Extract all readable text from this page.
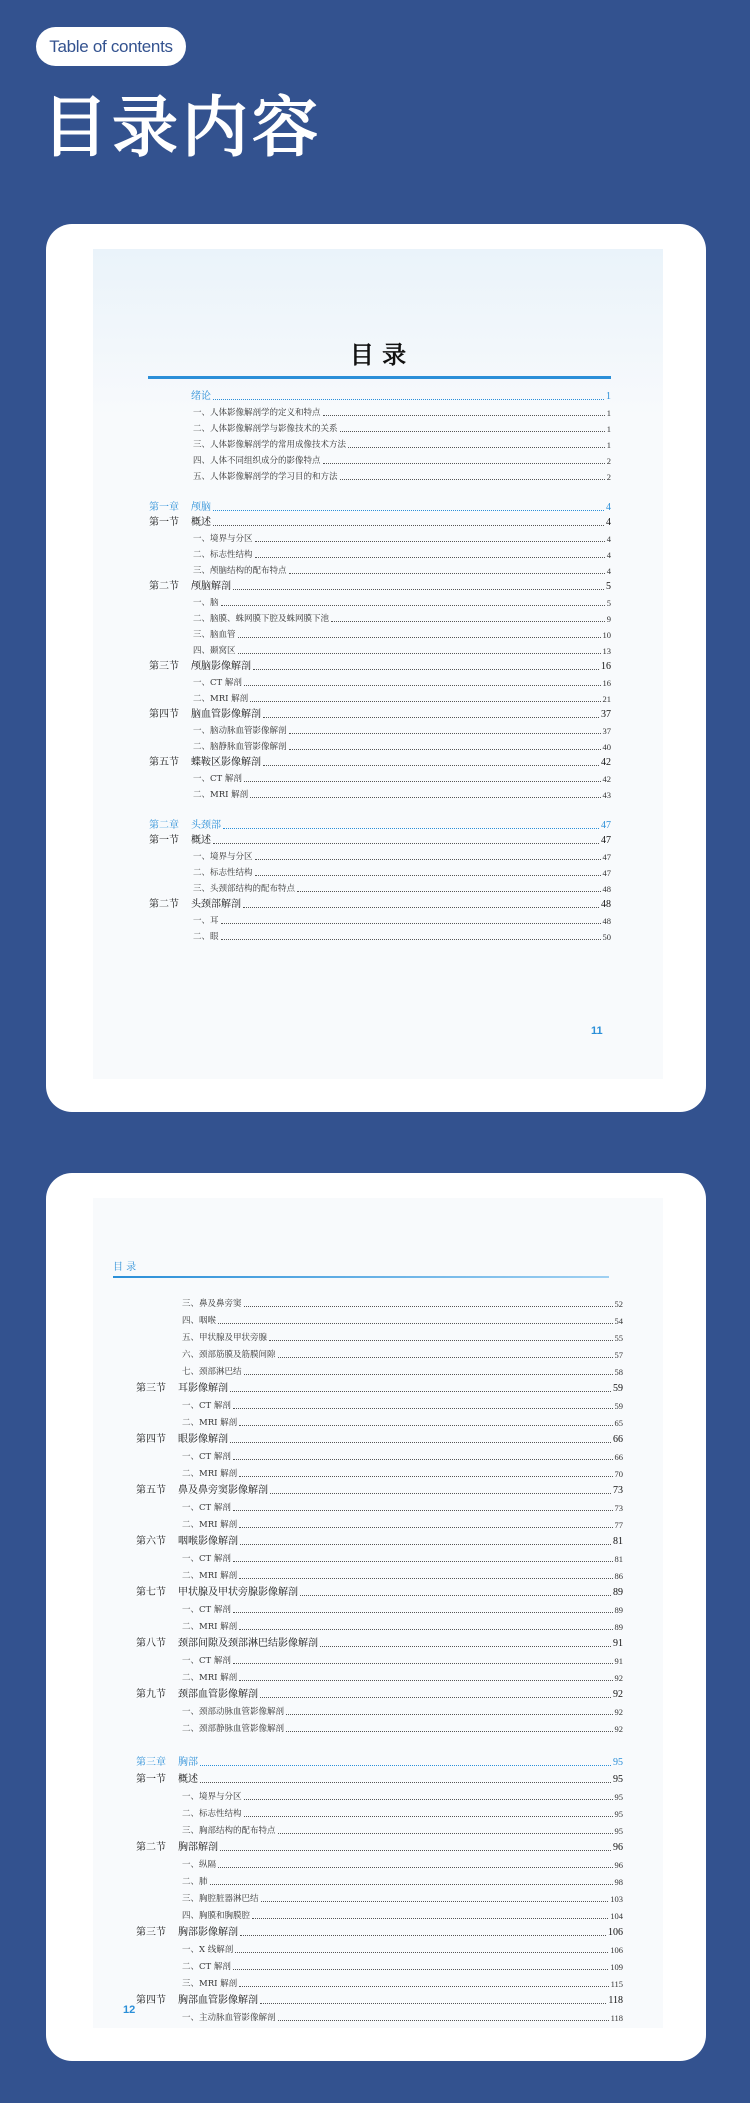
Table of contents
目录内容
目 录
绪论	1
一、人体影像解剖学的定义和特点	1
二、人体影像解剖学与影像技术的关系	1
三、人体影像解剖学的常用成像技术方法	1
四、人体不同组织成分的影像特点	2
五、人体影像解剖学的学习目的和方法	2
第一章	颅脑	4
第一节	概述	4
一、境界与分区	4
二、标志性结构	4
三、颅脑结构的配布特点	4
第二节	颅脑解剖	5
一、脑	5
二、脑膜、蛛网膜下腔及蛛网膜下池	9
三、脑血管	10
四、颞窝区	13
第三节	颅脑影像解剖	16
一、CT 解剖	16
二、MRI 解剖	21
第四节	脑血管影像解剖	37
一、脑动脉血管影像解剖	37
二、脑静脉血管影像解剖	40
第五节	蝶鞍区影像解剖	42
一、CT 解剖	42
二、MRI 解剖	43
第二章	头颈部	47
第一节	概述	47
一、境界与分区	47
二、标志性结构	47
三、头颈部结构的配布特点	48
第二节	头颈部解剖	48
一、耳	48
二、眼	50
11
目 录
三、鼻及鼻旁窦	52
四、咽喉	54
五、甲状腺及甲状旁腺	55
六、颈部筋膜及筋膜间隙	57
七、颈部淋巴结	58
第三节	耳影像解剖	59
一、CT 解剖	59
二、MRI 解剖	65
第四节	眼影像解剖	66
一、CT 解剖	66
二、MRI 解剖	70
第五节	鼻及鼻旁窦影像解剖	73
一、CT 解剖	73
二、MRI 解剖	77
第六节	咽喉影像解剖	81
一、CT 解剖	81
二、MRI 解剖	86
第七节	甲状腺及甲状旁腺影像解剖	89
一、CT 解剖	89
二、MRI 解剖	89
第八节	颈部间隙及颈部淋巴结影像解剖	91
一、CT 解剖	91
二、MRI 解剖	92
第九节	颈部血管影像解剖	92
一、颈部动脉血管影像解剖	92
二、颈部静脉血管影像解剖	92
第三章	胸部	95
第一节	概述	95
一、境界与分区	95
二、标志性结构	95
三、胸部结构的配布特点	95
第二节	胸部解剖	96
一、纵隔	96
二、肺	98
三、胸腔脏器淋巴结	103
四、胸膜和胸膜腔	104
第三节	胸部影像解剖	106
一、X 线解剖	106
二、CT 解剖	109
三、MRI 解剖	115
第四节	胸部血管影像解剖	118
一、主动脉血管影像解剖	118
12
